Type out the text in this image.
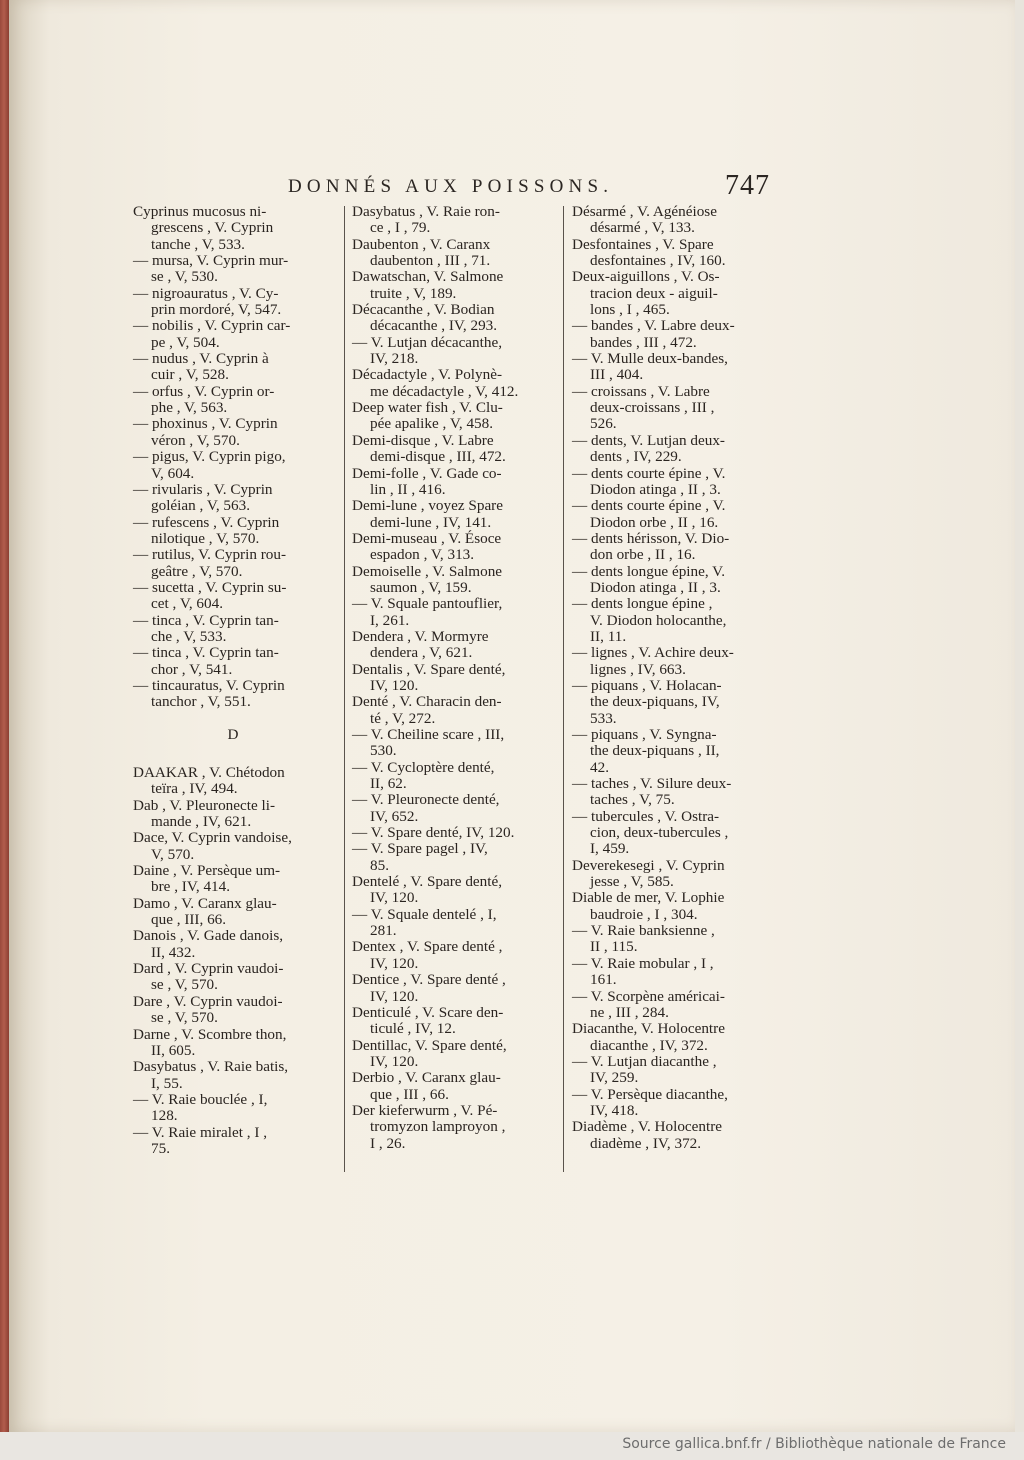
DONNÉS AUX POISSONS.	747
Cyprinus mucosus ni-
grescens , V. Cyprin
tanche , V, 533.
— mursa, V. Cyprin mur-
se , V, 530.
— nigroauratus , V. Cy-
prin mordoré, V, 547.
— nobilis , V. Cyprin car-
pe , V, 504.
— nudus , V. Cyprin à
cuir , V, 528.
— orfus , V. Cyprin or-
phe , V, 563.
— phoxinus , V. Cyprin
véron , V, 570.
— pigus, V. Cyprin pigo,
V, 604.
— rivularis , V. Cyprin
goléian , V, 563.
— rufescens , V. Cyprin
nilotique , V, 570.
— rutilus, V. Cyprin rou-
geâtre , V, 570.
— sucetta , V. Cyprin su-
cet , V, 604.
— tinca , V. Cyprin tan-
che , V, 533.
— tinca , V. Cyprin tan-
chor , V, 541.
— tincauratus, V. Cyprin
tanchor , V, 551.
D
DAAKAR , V. Chétodon
teïra , IV, 494.
Dab , V. Pleuronecte li-
mande , IV, 621.
Dace, V. Cyprin vandoise,
V, 570.
Daine , V. Persèque um-
bre , IV, 414.
Damo , V. Caranx glau-
que , III, 66.
Danois , V. Gade danois,
II, 432.
Dard , V. Cyprin vaudoi-
se , V, 570.
Dare , V. Cyprin vaudoi-
se , V, 570.
Darne , V. Scombre thon,
II, 605.
Dasybatus , V. Raie batis,
I, 55.
— V. Raie bouclée , I,
128.
— V. Raie miralet , I ,
75.
Dasybatus , V. Raie ron-
ce , I , 79.
Daubenton , V. Caranx
daubenton , III , 71.
Dawatschan, V. Salmone
truite , V, 189.
Décacanthe , V. Bodian
décacanthe , IV, 293.
— V. Lutjan décacanthe,
IV, 218.
Décadactyle , V. Polynè-
me décadactyle , V, 412.
Deep water fish , V. Clu-
pée apalike , V, 458.
Demi-disque , V. Labre
demi-disque , III, 472.
Demi-folle , V. Gade co-
lin , II , 416.
Demi-lune , voyez Spare
demi-lune , IV, 141.
Demi-museau , V. Ésoce
espadon , V, 313.
Demoiselle , V. Salmone
saumon , V, 159.
— V. Squale pantouflier,
I, 261.
Dendera , V. Mormyre
dendera , V, 621.
Dentalis , V. Spare denté,
IV, 120.
Denté , V. Characin den-
té , V, 272.
— V. Cheiline scare , III,
530.
— V. Cycloptère denté,
II, 62.
— V. Pleuronecte denté,
IV, 652.
— V. Spare denté, IV, 120.
— V. Spare pagel , IV,
85.
Dentelé , V. Spare denté,
IV, 120.
— V. Squale dentelé , I,
281.
Dentex , V. Spare denté ,
IV, 120.
Dentice , V. Spare denté ,
IV, 120.
Denticulé , V. Scare den-
ticulé , IV, 12.
Dentillac, V. Spare denté,
IV, 120.
Derbio , V. Caranx glau-
que , III , 66.
Der kieferwurm , V. Pé-
tromyzon lamproyon ,
I , 26.
Désarmé , V. Agénéiose
désarmé , V, 133.
Desfontaines , V. Spare
desfontaines , IV, 160.
Deux-aiguillons , V. Os-
tracion deux - aiguil-
lons , I , 465.
— bandes , V. Labre deux-
bandes , III , 472.
— V. Mulle deux-bandes,
III , 404.
— croissans , V. Labre
deux-croissans , III ,
526.
— dents, V. Lutjan deux-
dents , IV, 229.
— dents courte épine , V.
Diodon atinga , II , 3.
— dents courte épine , V.
Diodon orbe , II , 16.
— dents hérisson, V. Dio-
don orbe , II , 16.
— dents longue épine, V.
Diodon atinga , II , 3.
— dents longue épine ,
V. Diodon holocanthe,
II, 11.
— lignes , V. Achire deux-
lignes , IV, 663.
— piquans , V. Holacan-
the deux-piquans, IV,
533.
— piquans , V. Syngna-
the deux-piquans , II,
42.
— taches , V. Silure deux-
taches , V, 75.
— tubercules , V. Ostra-
cion, deux-tubercules ,
I, 459.
Deverekesegi , V. Cyprin
jesse , V, 585.
Diable de mer, V. Lophie
baudroie , I , 304.
— V. Raie banksienne ,
II , 115.
— V. Raie mobular , I ,
161.
— V. Scorpène américai-
ne , III , 284.
Diacanthe, V. Holocentre
diacanthe , IV, 372.
— V. Lutjan diacanthe ,
IV, 259.
— V. Persèque diacanthe,
IV, 418.
Diadème , V. Holocentre
diadème , IV, 372.
Source gallica.bnf.fr / Bibliothèque nationale de France
